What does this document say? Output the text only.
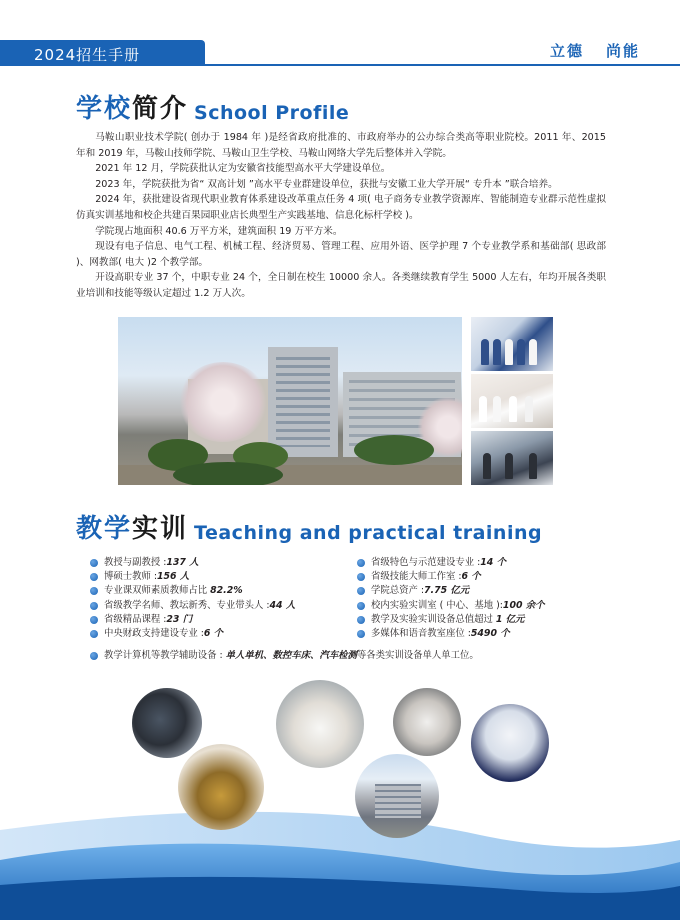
2024招生手册	立德 尚能
学校 简介 School Profile

马鞍山职业技术学院( 创办于 1984 年 )是经省政府批准的、市政府举办的公办综合类高等职业院校。2011 年、2015 年和 2019 年，马鞍山技师学院、马鞍山卫生学校、马鞍山网络大学先后整体并入学院。

2021 年 12 月，学院获批认定为安徽省技能型高水平大学建设单位。

2023 年，学院获批为省“ 双高计划 ”高水平专业群建设单位，获批与安徽工业大学开展“ 专升本 ”联合培养。

2024 年，获批建设省现代职业教育体系建设改革重点任务 4 项( 电子商务专业教学资源库、智能制造专业群示范性虚拟仿真实训基地和校企共建百果园职业店长典型生产实践基地、信息化标杆学校 )。

学院现占地面积 40.6 万平方米，建筑面积 19 万平方米。

现设有电子信息、电气工程、机械工程、经济贸易、管理工程、应用外语、医学护理 7 个专业教学系和基础部( 思政部 )、网教部( 电大 )2 个教学部。

开设高职专业 37 个，中职专业 24 个，全日制在校生 10000 余人。各类继续教育学生 5000 人左右，年均开展各类职业培训和技能等级认定超过 1.2 万人次。

教学 实训 Teaching and practical training
教授与副教授 :137 人
博硕士教师 :156 人
专业课双师素质教师占比 82.2%
省级教学名师、教坛新秀、专业带头人 :44 人
省级精品课程 :23 门
中央财政支持建设专业 :6 个
省级特色与示范建设专业 :14 个
省级技能大师工作室 :6 个
学院总资产 :7.75 亿元
校内实验实训室 ( 中心、基地 ):100 余个
教学及实验实训设备总值超过 1 亿元
多媒体和语音教室座位 :5490 个
教学计算机等教学辅助设备 : 单人单机、数控车床、汽车检测等各类实训设备单人单工位。
